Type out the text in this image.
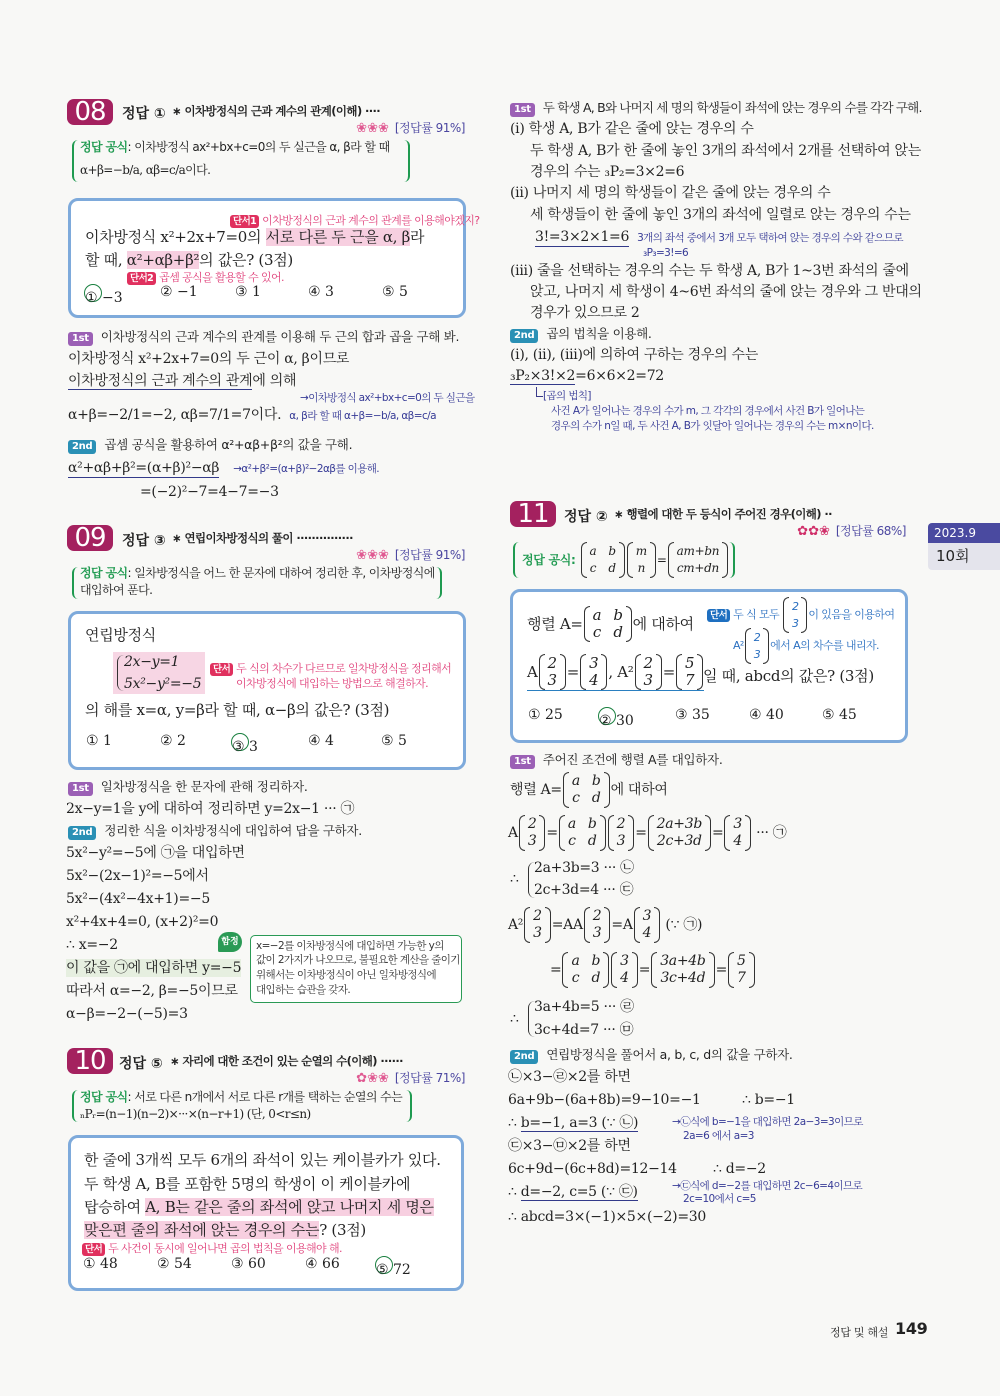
08	정답 ① ∗ 이차방정식의 근과 계수의 관계(이해) ····
❀❀❀ [정답률 91%]
정답 공식: 이차방정식 ax²+bx+c=0의 두 실근을 α, β라 할 때
α+β=−b/a, αβ=c/a이다.
단서1 이차방정식의 근과 계수의 관계를 이용해야겠지?
이차방정식 x²+2x+7=0의 서로 다른 두 근을 α, β라
할 때, α²+αβ+β²의 값은? (3점)
단서2 곱셈 공식을 활용할 수 있어.
① −3	② −1	③ 1	④ 3	⑤ 5
1st 이차방정식의 근과 계수의 관계를 이용해 두 근의 합과 곱을 구해 봐.
이차방정식 x²+2x+7=0의 두 근이 α, β이므로
이차방정식의 근과 계수의 관계에 의해
→이차방정식 ax²+bx+c=0의 두 실근을
α+β=−2/1=−2, αβ=7/1=7이다. α, β라 할 때 α+β=−b/a, αβ=c/a
2nd 곱셈 공식을 활용하여 α²+αβ+β²의 값을 구해.
α²+αβ+β²=(α+β)²−αβ →α²+β²=(α+β)²−2αβ를 이용해.
=(−2)²−7=4−7=−3
09	정답 ③ ∗ 연립이차방정식의 풀이 ···············
❀❀❀ [정답률 91%]
정답 공식: 일차방정식을 어느 한 문자에 대하여 정리한 후, 이차방정식에
대입하여 푼다.
연립방정식
2x−y=1
5x²−y²=−5
단서 두 식의 차수가 다르므로 일차방정식을 정리해서
이차방정식에 대입하는 방법으로 해결하자.
의 해를 x=α, y=β라 할 때, α−β의 값은? (3점)
① 1	② 2	③ 3	④ 4	⑤ 5
1st 일차방정식을 한 문자에 관해 정리하자.
2x−y=1을 y에 대하여 정리하면 y=2x−1 ··· ㉠
2nd 정리한 식을 이차방정식에 대입하여 답을 구하자.
5x²−y²=−5에 ㉠을 대입하면
5x²−(2x−1)²=−5에서
5x²−(4x²−4x+1)=−5
x²+4x+4=0, (x+2)²=0
∴ x=−2
이 값을 ㉠에 대입하면 y=−5
따라서 α=−2, β=−5이므로
α−β=−2−(−5)=3
함정	x=−2를 이차방정식에 대입하면 가능한 y의
값이 2가지가 나오므로, 불필요한 계산을 줄이기
위해서는 이차방정식이 아닌 일차방정식에
대입하는 습관을 갖자.
10 정답 ⑤ ∗ 자리에 대한 조건이 있는 순열의 수(이해) ······
✿❀❀ [정답률 71%]
정답 공식: 서로 다른 n개에서 서로 다른 r개를 택하는 순열의 수는
ₙPᵣ=(n−1)(n−2)×···×(n−r+1) (단, 0<r≤n)
한 줄에 3개씩 모두 6개의 좌석이 있는 케이블카가 있다.
두 학생 A, B를 포함한 5명의 학생이 이 케이블카에
탑승하여 A, B는 같은 줄의 좌석에 앉고 나머지 세 명은
맞은편 줄의 좌석에 앉는 경우의 수는? (3점)
단서 두 사건이 동시에 일어나면 곱의 법칙을 이용해야 해.
① 48	② 54	③ 60	④ 66	⑤ 72
1st 두 학생 A, B와 나머지 세 명의 학생들이 좌석에 앉는 경우의 수를 각각 구해.
(i) 학생 A, B가 같은 줄에 앉는 경우의 수
두 학생 A, B가 한 줄에 놓인 3개의 좌석에서 2개를 선택하여 앉는
경우의 수는 ₃P₂=3×2=6
(ii) 나머지 세 명의 학생들이 같은 줄에 앉는 경우의 수
세 학생들이 한 줄에 놓인 3개의 좌석에 일렬로 앉는 경우의 수는
3!=3×2×1=6 3개의 좌석 중에서 3개 모두 택하여 앉는 경우의 수와 같으므로
₃P₃=3!=6
(iii) 줄을 선택하는 경우의 수는 두 학생 A, B가 1~3번 좌석의 줄에
앉고, 나머지 세 학생이 4~6번 좌석의 줄에 앉는 경우와 그 반대의
경우가 있으므로 2
2nd 곱의 법칙을 이용해.
(i), (ii), (iii)에 의하여 구하는 경우의 수는
₃P₂×3!×2=6×6×2=72
[곱의 법칙]
사건 A가 일어나는 경우의 수가 m, 그 각각의 경우에서 사건 B가 일어나는
경우의 수가 n일 때, 두 사건 A, B가 잇달아 일어나는 경우의 수는 m×n이다.
11	정답 ② ∗ 행렬에 대한 두 등식이 주어진 경우(이해) ··
✿✿❀ [정답률 68%]
정답 공식:
a b
c d
m
n
=
am+bn
cm+dn
행렬 A= a b
c d 에 대하여	단서 두 식 모두
2
3
이 있음을 이용하여
A²
2
3
에서 A의 차수를 내리자.
A 2
3 = 3
4 , A² 2
3 = 5
7 일 때, abcd의 값은? (3점)
① 25	② 30	③ 35	④ 40	⑤ 45
1st 주어진 조건에 행렬 A를 대입하자.
행렬 A=
a b
c d 에 대하여
A
2
3 =
a b
c d
2
3 =
2a+3b
2c+3d =
3
4 ··· ㉠
∴
2a+3b=3 ··· ㉡
2c+3d=4 ··· ㉢
A²
2
3 =AA
2
3 =A
3
4 (∵ ㉠)
=
a b
c d
3
4 =
3a+4b
3c+4d =
5
7
∴
3a+4b=5 ··· ㉣
3c+4d=7 ··· ㉤
2nd 연립방정식을 풀어서 a, b, c, d의 값을 구하자.
㉡×3−㉣×2를 하면
6a+9b−(6a+8b)=9−10=−1	∴ b=−1
∴ b=−1, a=3 (∵ ㉡)	→㉡식에 b=−1을 대입하면 2a−3=3이므로
2a=6 에서 a=3
㉢×3−㉤×2를 하면
6c+9d−(6c+8d)=12−14	∴ d=−2
∴ d=−2, c=5 (∵ ㉢)	→㉢식에 d=−2를 대입하면 2c−6=4이므로
2c=10에서 c=5
∴ abcd=3×(−1)×5×(−2)=30
2023.9
10회
정답 및 해설 149
